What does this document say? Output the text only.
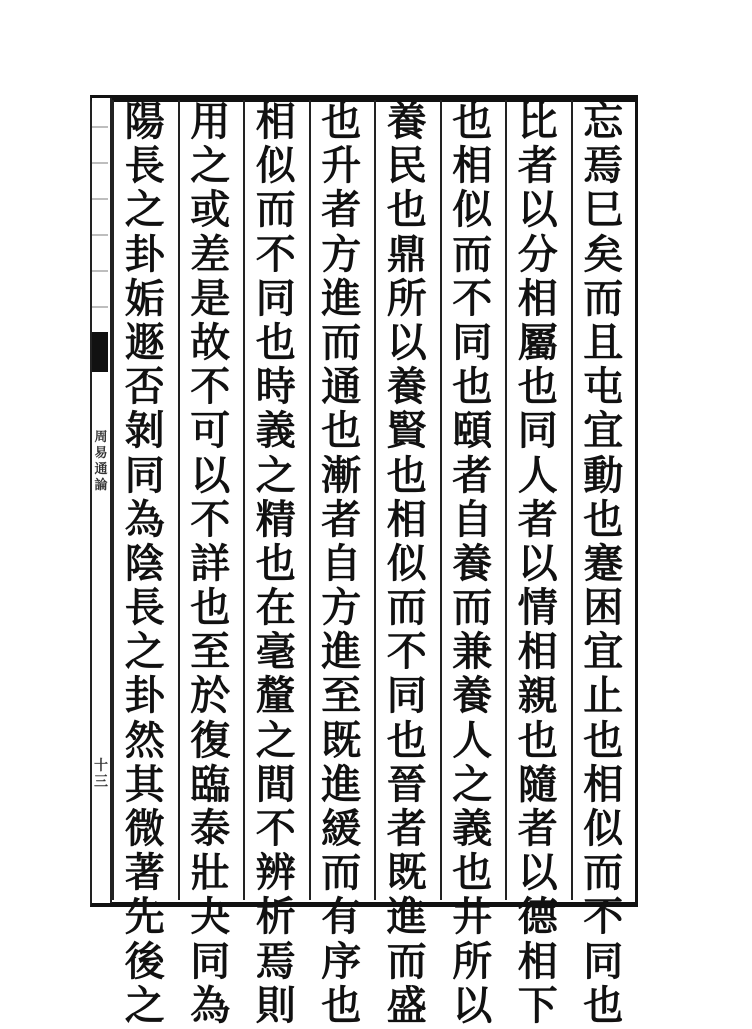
周
易
通
論
十
三
忘
焉
巳
矣
而
且
屯
宜
動
也
蹇
困
宜
止
也
相
似
而
不
同
也
比
者
以
分
相
屬
也
同
人
者
以
情
相
親
也
隨
者
以
德
相
下
也
相
似
而
不
同
也
頤
者
自
養
而
兼
養
人
之
義
也
井
所
以
養
民
也
鼎
所
以
養
賢
也
相
似
而
不
同
也
晉
者
既
進
而
盛
也
升
者
方
進
而
通
也
漸
者
自
方
進
至
既
進
緩
而
有
序
也
相
似
而
不
同
也
時
義
之
精
也
在
毫
釐
之
間
不
辨
析
焉
則
用
之
或
差
是
故
不
可
以
不
詳
也
至
於
復
臨
泰
壯
夬
同
為
陽
長
之
卦
姤
遯
否
剝
同
為
陰
長
之
卦
然
其
微
著
先
後
之
